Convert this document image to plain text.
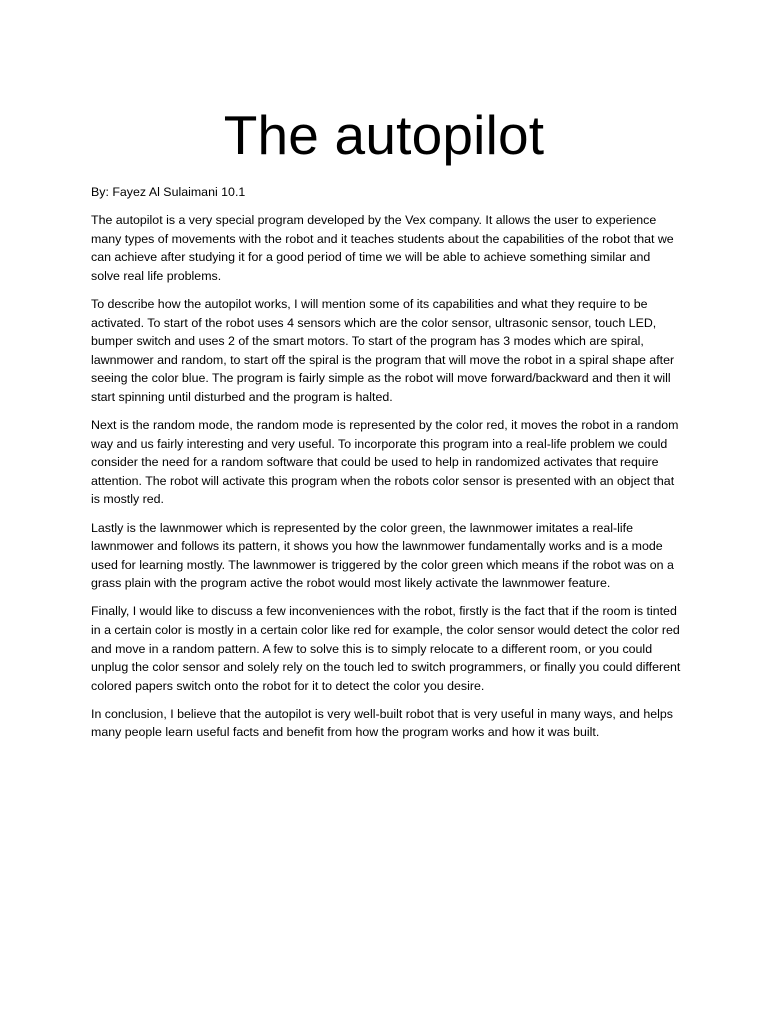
The autopilot

By: Fayez Al Sulaimani 10.1

The autopilot is a very special program developed by the Vex company. It allows the user to experience many types of movements with the robot and it teaches students about the capabilities of the robot that we can achieve after studying it for a good period of time we will be able to achieve something similar and solve real life problems.

To describe how the autopilot works, I will mention some of its capabilities and what they require to be activated. To start of the robot uses 4 sensors which are the color sensor, ultrasonic sensor, touch LED, bumper switch and uses 2 of the smart motors. To start of the program has 3 modes which are spiral, lawnmower and random, to start off the spiral is the program that will move the robot in a spiral shape after seeing the color blue. The program is fairly simple as the robot will move forward/backward and then it will start spinning until disturbed and the program is halted.

Next is the random mode, the random mode is represented by the color red, it moves the robot in a random way and us fairly interesting and very useful. To incorporate this program into a real-life problem we could consider the need for a random software that could be used to help in randomized activates that require attention. The robot will activate this program when the robots color sensor is presented with an object that is mostly red.

Lastly is the lawnmower which is represented by the color green, the lawnmower imitates a real-life lawnmower and follows its pattern, it shows you how the lawnmower fundamentally works and is a mode used for learning mostly. The lawnmower is triggered by the color green which means if the robot was on a grass plain with the program active the robot would most likely activate the lawnmower feature.

Finally, I would like to discuss a few inconveniences with the robot, firstly is the fact that if the room is tinted in a certain color is mostly in a certain color like red for example, the color sensor would detect the color red and move in a random pattern. A few to solve this is to simply relocate to a different room, or you could unplug the color sensor and solely rely on the touch led to switch programmers, or finally you could different colored papers switch onto the robot for it to detect the color you desire.

In conclusion, I believe that the autopilot is very well-built robot that is very useful in many ways, and helps many people learn useful facts and benefit from how the program works and how it was built.
